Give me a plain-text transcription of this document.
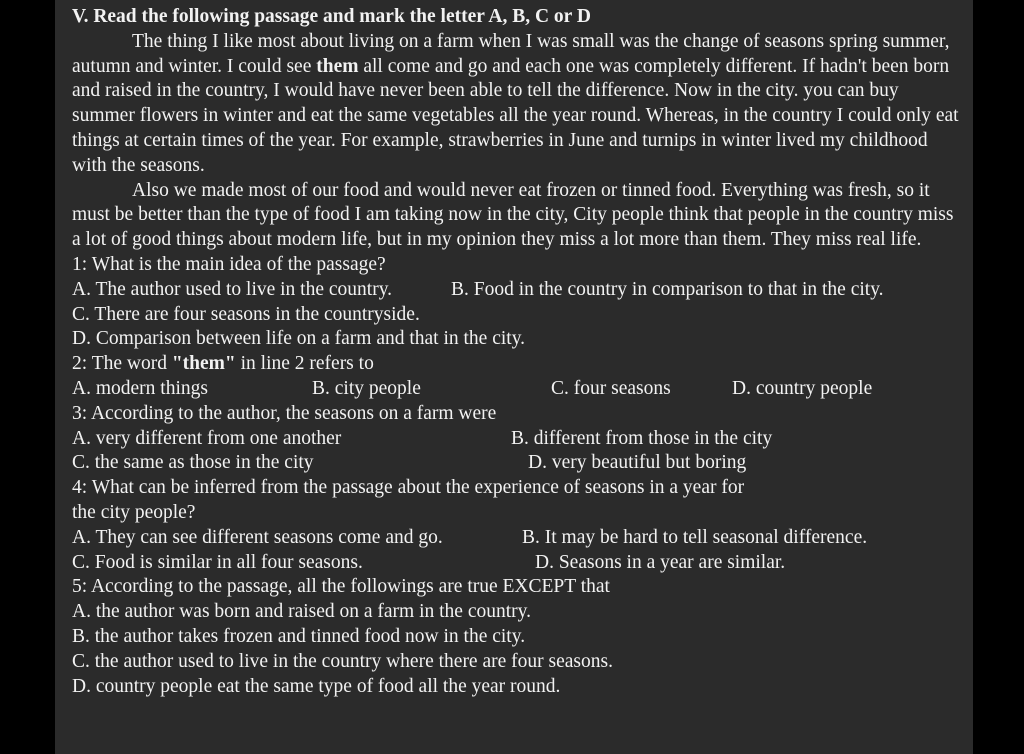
V. Read the following passage and mark the letter A, B, C or D

The thing I like most about living on a farm when I was small was the change of seasons spring summer, autumn and winter. I could see them all come and go and each one was completely different. If hadn't been born and raised in the country, I would have never been able to tell the difference. Now in the city. you can buy summer flowers in winter and eat the same vegetables all the year round. Whereas, in the country I could only eat things at certain times of the year. For example, strawberries in June and turnips in winter lived my childhood with the seasons.

Also we made most of our food and would never eat frozen or tinned food. Everything was fresh, so it must be better than the type of food I am taking now in the city, City people think that people in the country miss a lot of good things about modern life, but in my opinion they miss a lot more than them. They miss real life.

1: What is the main idea of the passage?

A. The author used to live in the country.	B. Food in the country in comparison to that in the city.

C. There are four seasons in the countryside.

D. Comparison between life on a farm and that in the city.

2: The word "them" in line 2 refers to

A. modern things	B. city people	C. four seasons	D. country people

3: According to the author, the seasons on a farm were

A. very different from one another	B. different from those in the city
C. the same as those in the city	D. very beautiful but boring

4: What can be inferred from the passage about the experience of seasons in a year for

the city people?

A. They can see different seasons come and go.	B. It may be hard to tell seasonal difference.
C. Food is similar in all four seasons.	D. Seasons in a year are similar.

5: According to the passage, all the followings are true EXCEPT that

A. the author was born and raised on a farm in the country.

B. the author takes frozen and tinned food now in the city.

C. the author used to live in the country where there are four seasons.

D. country people eat the same type of food all the year round.
